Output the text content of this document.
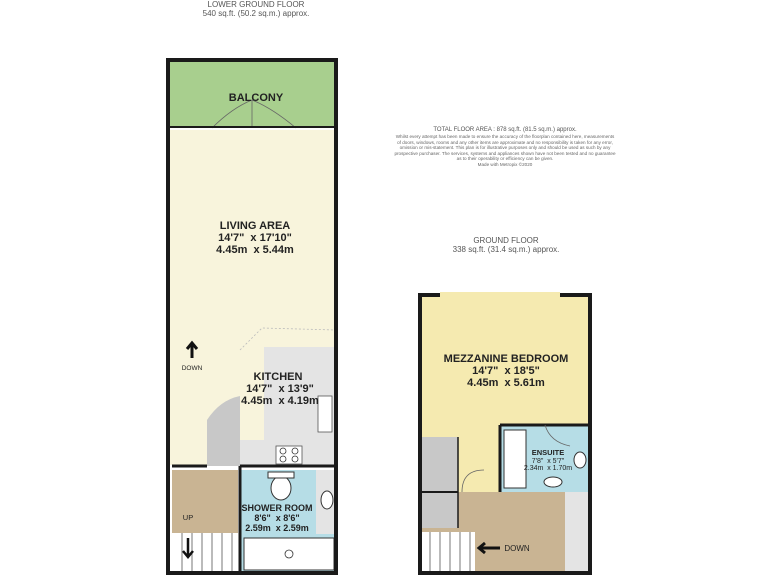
BALCONY
LIVING AREA
14'7"  x 17'10"
4.45m  x 5.44m
KITCHEN
14'7"  x 13'9"
4.45m  x 4.19m
SHOWER ROOM
8'6"  x 8'6"
2.59m  x 2.59m
DOWN
UP
MEZZANINE BEDROOM
14'7"  x 18'5"
4.45m  x 5.61m
ENSUITE
7'8"  x 5'7"
2.34m  x 1.70m
DOWN
LOWER GROUND FLOOR
540 sq.ft. (50.2 sq.m.) approx.
TOTAL FLOOR AREA : 878 sq.ft. (81.5 sq.m.) approx.
Whilst every attempt has been made to ensure the accuracy of the floorplan contained here, measurements
of doors, windows, rooms and any other items are approximate and no responsibility is taken for any error,
omission or mis-statement. This plan is for illustrative purposes only and should be used as such by any
prospective purchaser. The services, systems and appliances shown have not been tested and no guarantee
as to their operability or efficiency can be given.
Made with Metropix ©2020
GROUND FLOOR
338 sq.ft. (31.4 sq.m.) approx.
